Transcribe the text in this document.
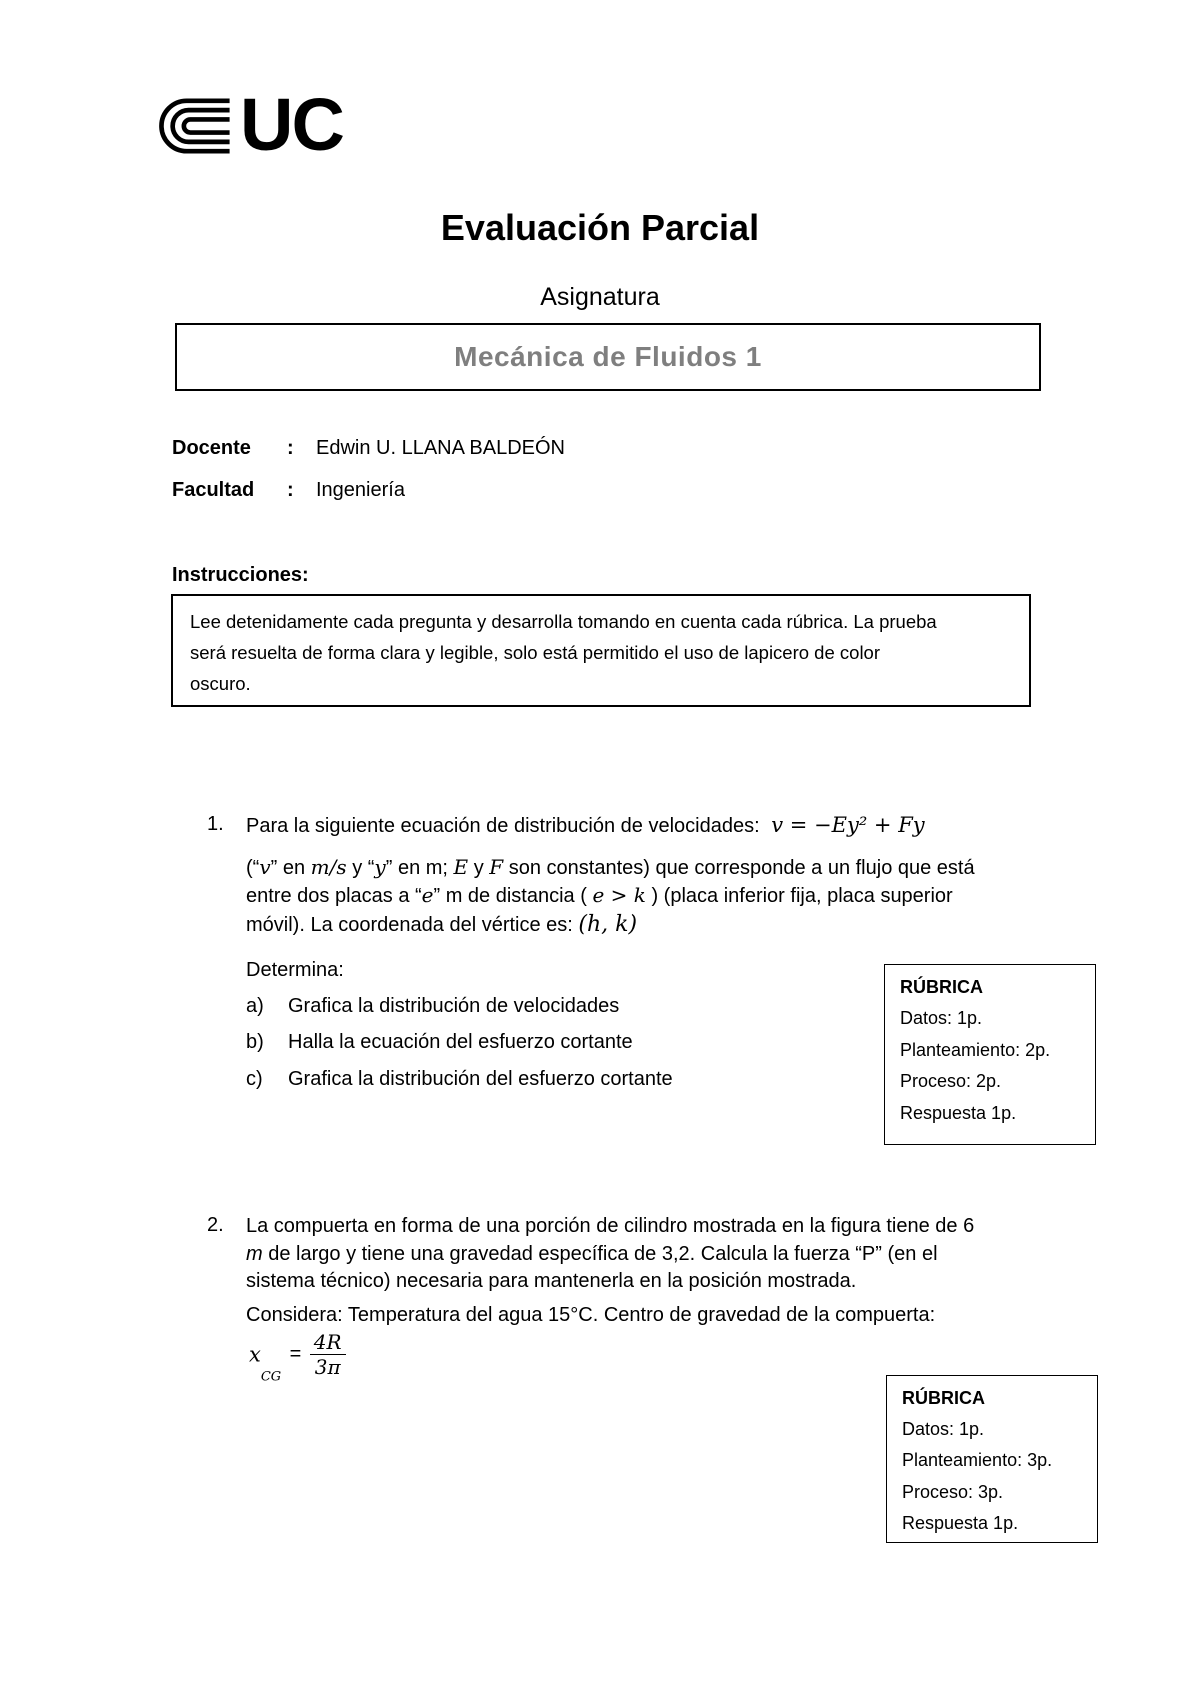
UC
Evaluación Parcial
Asignatura
Mecánica de Fluidos 1
Docente : Edwin U. LLANA BALDEÓN
Facultad : Ingeniería
Instrucciones:
Lee detenidamente cada pregunta y desarrolla tomando en cuenta cada rúbrica. La prueba
será resuelta de forma clara y legible, solo está permitido el uso de lapicero de color
oscuro.
1. Para la siguiente ecuación de distribución de velocidades: v = −Ey² + Fy
(“v” en m/s y “y” en m; E y F son constantes) que corresponde a un flujo que está
entre dos placas a “e” m de distancia ( e > k ) (placa inferior fija, placa superior
móvil). La coordenada del vértice es: (h, k)
Determina:
a) Grafica la distribución de velocidades
b) Halla la ecuación del esfuerzo cortante
c) Grafica la distribución del esfuerzo cortante
RÚBRICA
Datos: 1p.
Planteamiento: 2p.
Proceso: 2p.
Respuesta 1p.
2. La compuerta en forma de una porción de cilindro mostrada en la figura tiene de 6
m de largo y tiene una gravedad específica de 3,2. Calcula la fuerza “P” (en el
sistema técnico) necesaria para mantenerla en la posición mostrada.
Considera: Temperatura del agua 15°C. Centro de gravedad de la compuerta:
$x_{CG} = \frac{4R}{3\pi}$
RÚBRICA
Datos: 1p.
Planteamiento: 3p.
Proceso: 3p.
Respuesta 1p.
